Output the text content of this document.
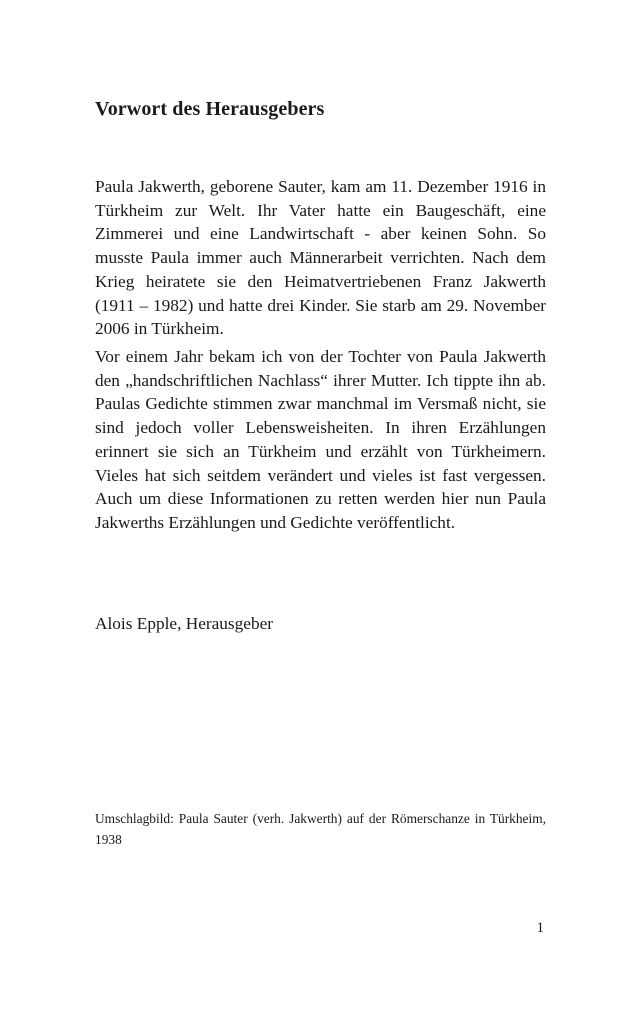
Vorwort des Herausgebers

Paula Jakwerth, geborene Sauter, kam am 11. Dezember 1916 in Türkheim zur Welt. Ihr Vater hatte ein Baugeschäft, eine Zimmerei und eine Landwirtschaft - aber keinen Sohn. So musste Paula immer auch Männerarbeit verrichten. Nach dem Krieg heiratete sie den Heimatvertriebenen Franz Jakwerth (1911 – 1982) und hatte drei Kinder. Sie starb am 29. November 2006 in Türkheim.

Vor einem Jahr bekam ich von der Tochter von Paula Jakwerth den „handschriftlichen Nachlass“ ihrer Mutter. Ich tippte ihn ab. Paulas Gedichte stimmen zwar manchmal im Versmaß nicht, sie sind jedoch voller Lebensweisheiten. In ihren Erzählungen erinnert sie sich an Türkheim und erzählt von Türkheimern. Vieles hat sich seitdem verändert und vieles ist fast vergessen. Auch um diese Informationen zu retten werden hier nun Paula Jakwerths Erzählungen und Gedichte veröffentlicht.

Alois Epple, Herausgeber

Umschlagbild: Paula Sauter (verh. Jakwerth) auf der Römerschanze in Türkheim, 1938

1
